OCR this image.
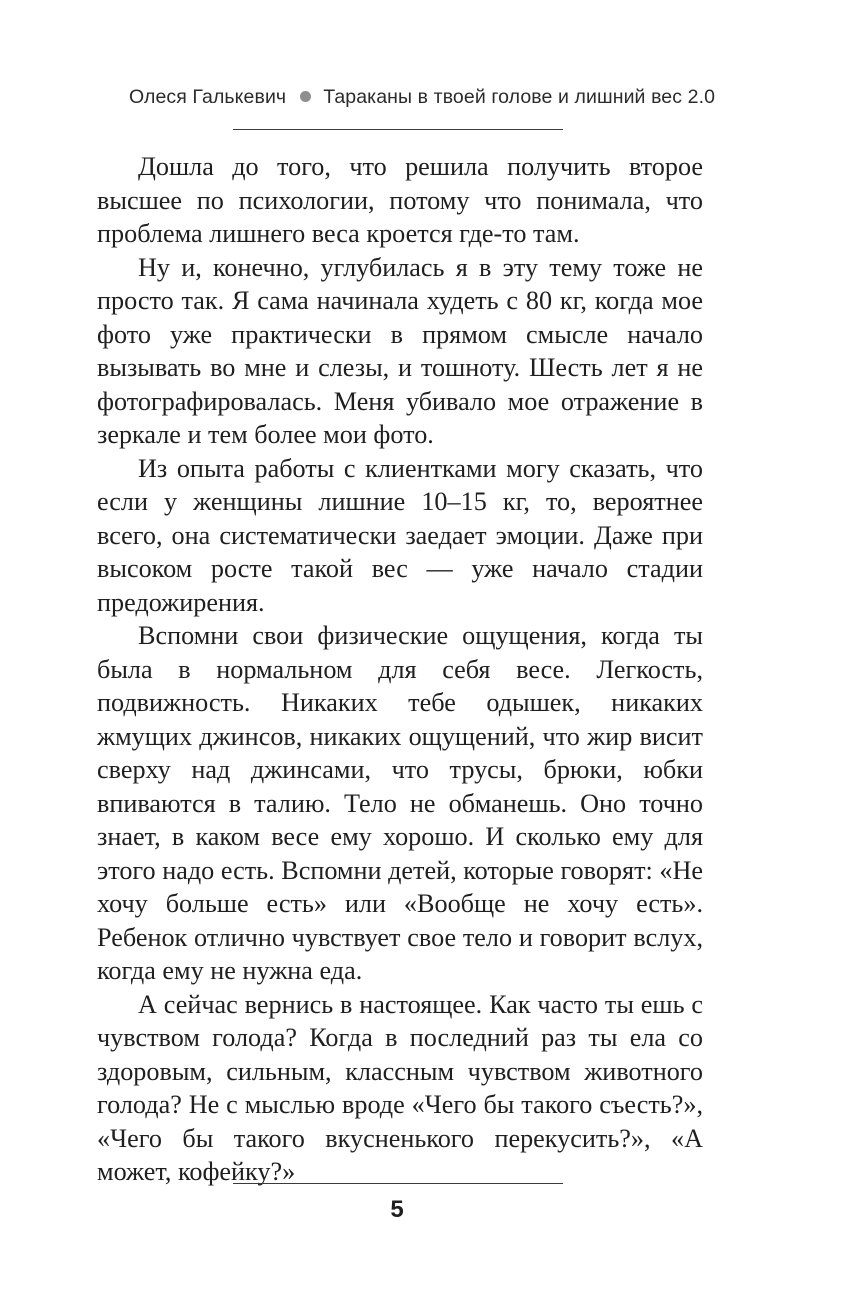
Олеся Галькевич Тараканы в твоей голове и лишний вес 2.0

Дошла до того, что решила получить второе высшее по психологии, потому что понимала, что проблема лишнего веса кроется где-то там.

Ну и, конечно, углубилась я в эту тему тоже не просто так. Я сама начинала худеть с 80 кг, когда мое фото уже практически в прямом смысле начало вызывать во мне и слезы, и тошноту. Шесть лет я не фотографировалась. Меня убивало мое отражение в зеркале и тем более мои фото.

Из опыта работы с клиентками могу сказать, что если у женщины лишние 10–15 кг, то, вероятнее всего, она систематически заедает эмоции. Даже при высоком росте такой вес — уже начало стадии предожирения.

Вспомни свои физические ощущения, когда ты была в нормальном для себя весе. Легкость, подвижность. Никаких тебе одышек, никаких жмущих джинсов, никаких ощущений, что жир висит сверху над джинсами, что трусы, брюки, юбки впиваются в талию. Тело не обманешь. Оно точно знает, в каком весе ему хорошо. И сколько ему для этого надо есть. Вспомни детей, которые говорят: «Не хочу больше есть» или «Вообще не хочу есть». Ребенок отлично чувствует свое тело и говорит вслух, когда ему не нужна еда.

А сейчас вернись в настоящее. Как часто ты ешь с чувством голода? Когда в последний раз ты ела со здоровым, сильным, классным чувством животного голода? Не с мыслью вроде «Чего бы такого съесть?», «Чего бы такого вкусненького перекусить?», «А может, кофейку?»

5
